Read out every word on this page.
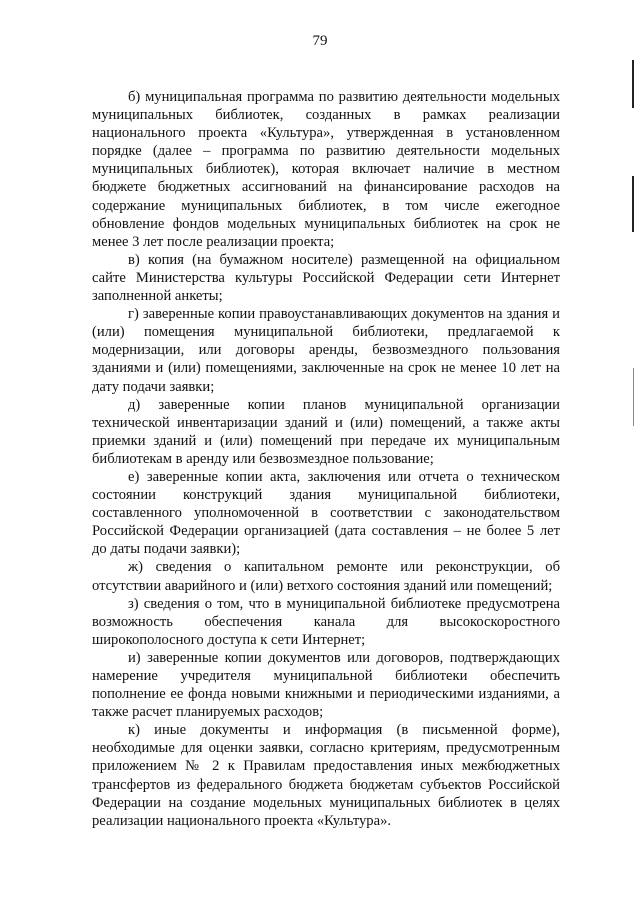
79

б) муниципальная программа по развитию деятельности модельных муниципальных библиотек, созданных в рамках реализации национального проекта «Культура», утвержденная в установленном порядке (далее – программа по развитию деятельности модельных муниципальных библиотек), которая включает наличие в местном бюджете бюджетных ассигнований на финансирование расходов на содержание муниципальных библиотек, в том числе ежегодное обновление фондов модельных муниципальных библиотек на срок не менее 3 лет после реализации проекта;

в) копия (на бумажном носителе) размещенной на официальном сайте Министерства культуры Российской Федерации сети Интернет заполненной анкеты;

г) заверенные копии правоустанавливающих документов на здания и (или) помещения муниципальной библиотеки, предлагаемой к модернизации, или договоры аренды, безвозмездного пользования зданиями и (или) помещениями, заключенные на срок не менее 10 лет на дату подачи заявки;

д) заверенные копии планов муниципальной организации технической инвентаризации зданий и (или) помещений, а также акты приемки зданий и (или) помещений при передаче их муниципальным библиотекам в аренду или безвозмездное пользование;

е) заверенные копии акта, заключения или отчета о техническом состоянии конструкций здания муниципальной библиотеки, составленного уполномоченной в соответствии с законодательством Российской Федерации организацией (дата составления – не более 5 лет до даты подачи заявки);

ж) сведения о капитальном ремонте или реконструкции, об отсутствии аварийного и (или) ветхого состояния зданий или помещений;

з) сведения о том, что в муниципальной библиотеке предусмотрена возможность обеспечения канала для высокоскоростного широкополосного доступа к сети Интернет;

и) заверенные копии документов или договоров, подтверждающих намерение учредителя муниципальной библиотеки обеспечить пополнение ее фонда новыми книжными и периодическими изданиями, а также расчет планируемых расходов;

к) иные документы и информация (в письменной форме), необходимые для оценки заявки, согласно критериям, предусмотренным приложением № 2 к Правилам предоставления иных межбюджетных трансфертов из федерального бюджета бюджетам субъектов Российской Федерации на создание модельных муниципальных библиотек в целях реализации национального проекта «Культура».
